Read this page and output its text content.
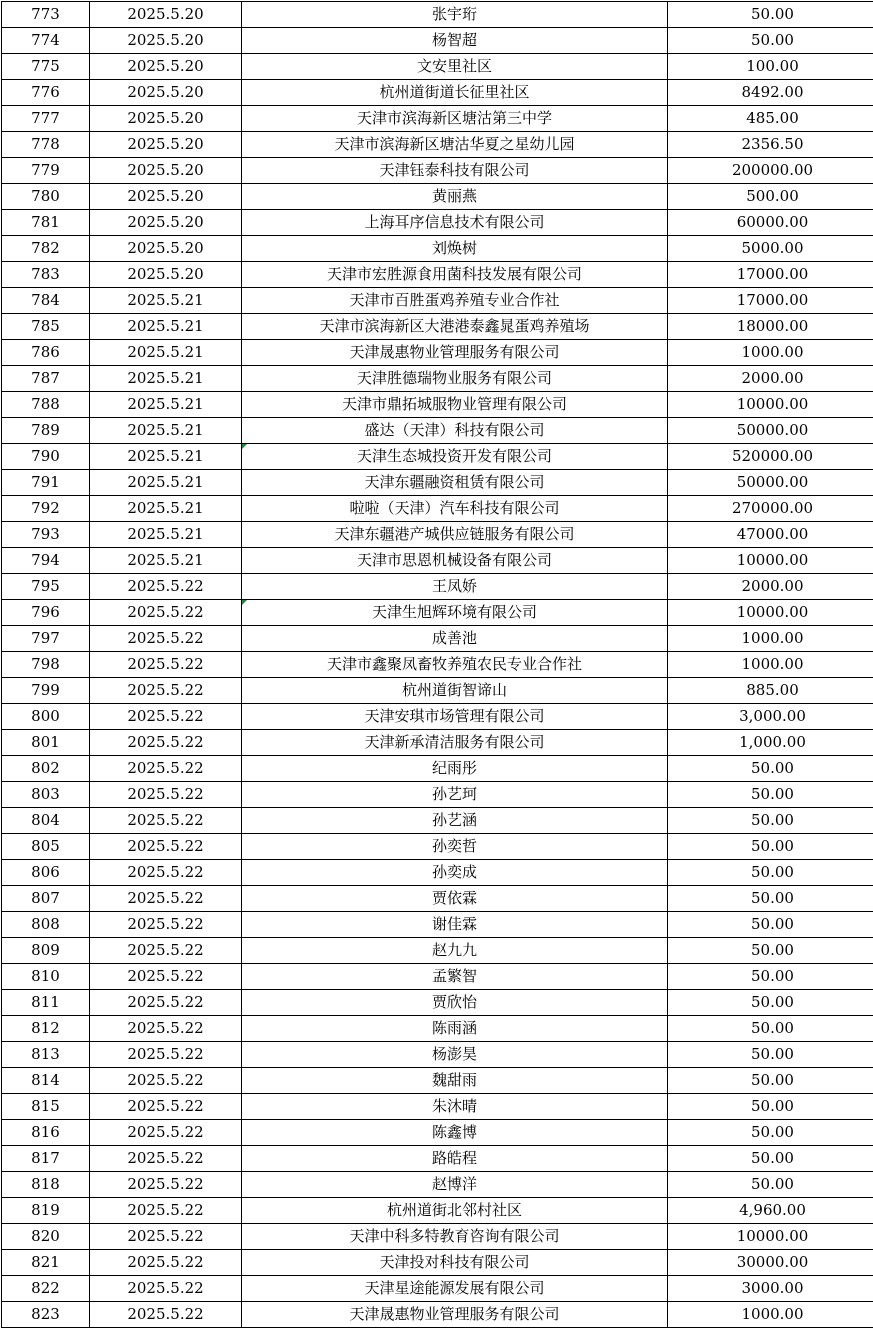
773	2025.5.20	张宇珩	50.00
774	2025.5.20	杨智超	50.00
775	2025.5.20	文安里社区	100.00
776	2025.5.20	杭州道街道长征里社区	8492.00
777	2025.5.20	天津市滨海新区塘沽第三中学	485.00
778	2025.5.20	天津市滨海新区塘沽华夏之星幼儿园	2356.50
779	2025.5.20	天津钰泰科技有限公司	200000.00
780	2025.5.20	黄丽燕	500.00
781	2025.5.20	上海耳序信息技术有限公司	60000.00
782	2025.5.20	刘焕树	5000.00
783	2025.5.20	天津市宏胜源食用菌科技发展有限公司	17000.00
784	2025.5.21	天津市百胜蛋鸡养殖专业合作社	17000.00
785	2025.5.21	天津市滨海新区大港港泰鑫晁蛋鸡养殖场	18000.00
786	2025.5.21	天津晟惠物业管理服务有限公司	1000.00
787	2025.5.21	天津胜德瑞物业服务有限公司	2000.00
788	2025.5.21	天津市鼎拓城服物业管理有限公司	10000.00
789	2025.5.21	盛达（天津）科技有限公司	50000.00
790	2025.5.21	天津生态城投资开发有限公司	520000.00
791	2025.5.21	天津东疆融资租赁有限公司	50000.00
792	2025.5.21	啦啦（天津）汽车科技有限公司	270000.00
793	2025.5.21	天津东疆港产城供应链服务有限公司	47000.00
794	2025.5.21	天津市思恩机械设备有限公司	10000.00
795	2025.5.22	王凤娇	2000.00
796	2025.5.22	天津生旭辉环境有限公司	10000.00
797	2025.5.22	成善池	1000.00
798	2025.5.22	天津市鑫聚凤畜牧养殖农民专业合作社	1000.00
799	2025.5.22	杭州道街智谛山	885.00
800	2025.5.22	天津安琪市场管理有限公司	3,000.00
801	2025.5.22	天津新承清洁服务有限公司	1,000.00
802	2025.5.22	纪雨彤	50.00
803	2025.5.22	孙艺珂	50.00
804	2025.5.22	孙艺涵	50.00
805	2025.5.22	孙奕哲	50.00
806	2025.5.22	孙奕成	50.00
807	2025.5.22	贾依霖	50.00
808	2025.5.22	谢佳霖	50.00
809	2025.5.22	赵九九	50.00
810	2025.5.22	孟繁智	50.00
811	2025.5.22	贾欣怡	50.00
812	2025.5.22	陈雨涵	50.00
813	2025.5.22	杨澎昊	50.00
814	2025.5.22	魏甜雨	50.00
815	2025.5.22	朱沐晴	50.00
816	2025.5.22	陈鑫博	50.00
817	2025.5.22	路皓程	50.00
818	2025.5.22	赵博洋	50.00
819	2025.5.22	杭州道街北邻村社区	4,960.00
820	2025.5.22	天津中科多特教育咨询有限公司	10000.00
821	2025.5.22	天津投对科技有限公司	30000.00
822	2025.5.22	天津星途能源发展有限公司	3000.00
823	2025.5.22	天津晟惠物业管理服务有限公司	1000.00
